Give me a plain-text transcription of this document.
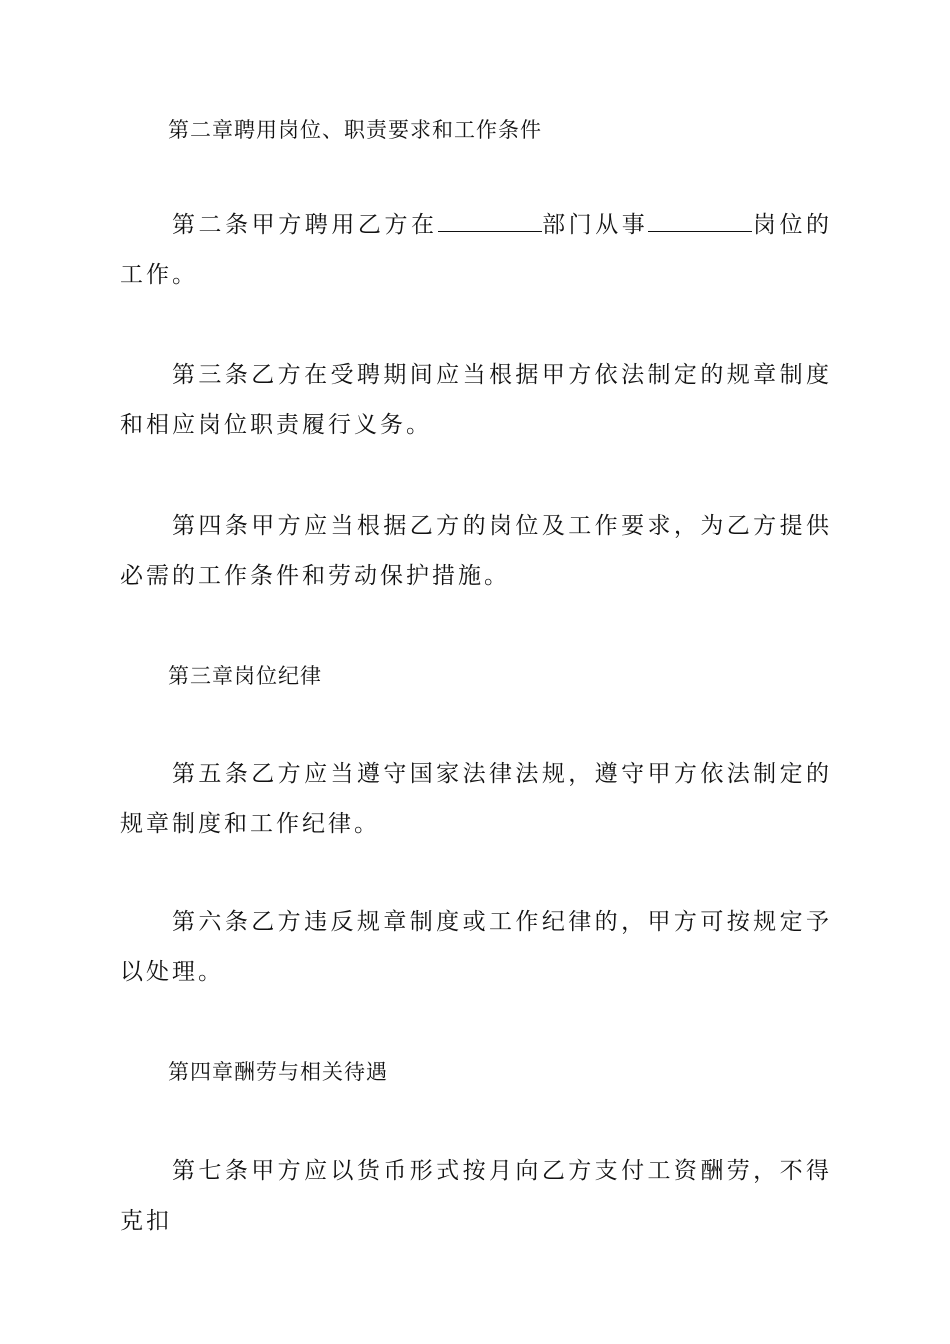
第二章聘用岗位、职责要求和工作条件
第二条甲方聘用乙方在	部门从事	岗位的工作。
第三条乙方在受聘期间应当根据甲方依法制定的规章制度和相应岗位职责履行义务。
第四条甲方应当根据乙方的岗位及工作要求，为乙方提供必需的工作条件和劳动保护措施。
第三章岗位纪律
第五条乙方应当遵守国家法律法规，遵守甲方依法制定的规章制度和工作纪律。
第六条乙方违反规章制度或工作纪律的，甲方可按规定予以处理。
第四章酬劳与相关待遇
第七条甲方应以货币形式按月向乙方支付工资酬劳，不得克扣
